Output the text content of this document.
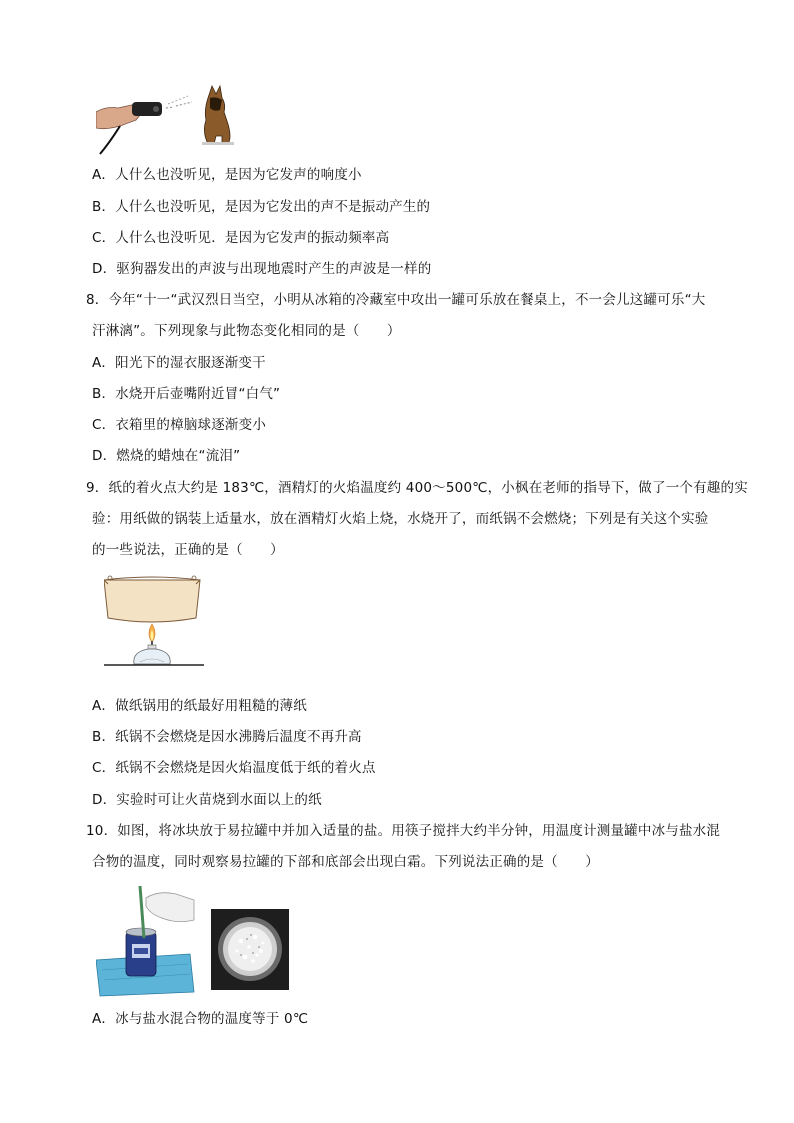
A．人什么也没听见，是因为它发声的响度小
B．人什么也没听见，是因为它发出的声不是振动产生的
C．人什么也没听见．是因为它发声的振动频率高
D．驱狗器发出的声波与出现地震时产生的声波是一样的
8．今年“十一“武汉烈日当空，小明从冰箱的冷藏室中攻出一罐可乐放在餐桌上，不一会儿这罐可乐“大
汗淋漓”。下列现象与此物态变化相同的是（　　）
A．阳光下的湿衣服逐渐变干
B．水烧开后壶嘴附近冒“白气”
C．衣箱里的樟脑球逐渐变小
D．燃烧的蜡烛在“流泪”
9．纸的着火点大约是 183℃，酒精灯的火焰温度约 400～500℃，小枫在老师的指导下，做了一个有趣的实
验：用纸做的锅装上适量水，放在酒精灯火焰上烧，水烧开了，而纸锅不会燃烧；下列是有关这个实验
的一些说法，正确的是（　　）
A．做纸锅用的纸最好用粗糙的薄纸
B．纸锅不会燃烧是因水沸腾后温度不再升高
C．纸锅不会燃烧是因火焰温度低于纸的着火点
D．实验时可让火苗烧到水面以上的纸
10．如图，将冰块放于易拉罐中并加入适量的盐。用筷子搅拌大约半分钟，用温度计测量罐中冰与盐水混
合物的温度，同时观察易拉罐的下部和底部会出现白霜。下列说法正确的是（　　）
A．冰与盐水混合物的温度等于 0℃
